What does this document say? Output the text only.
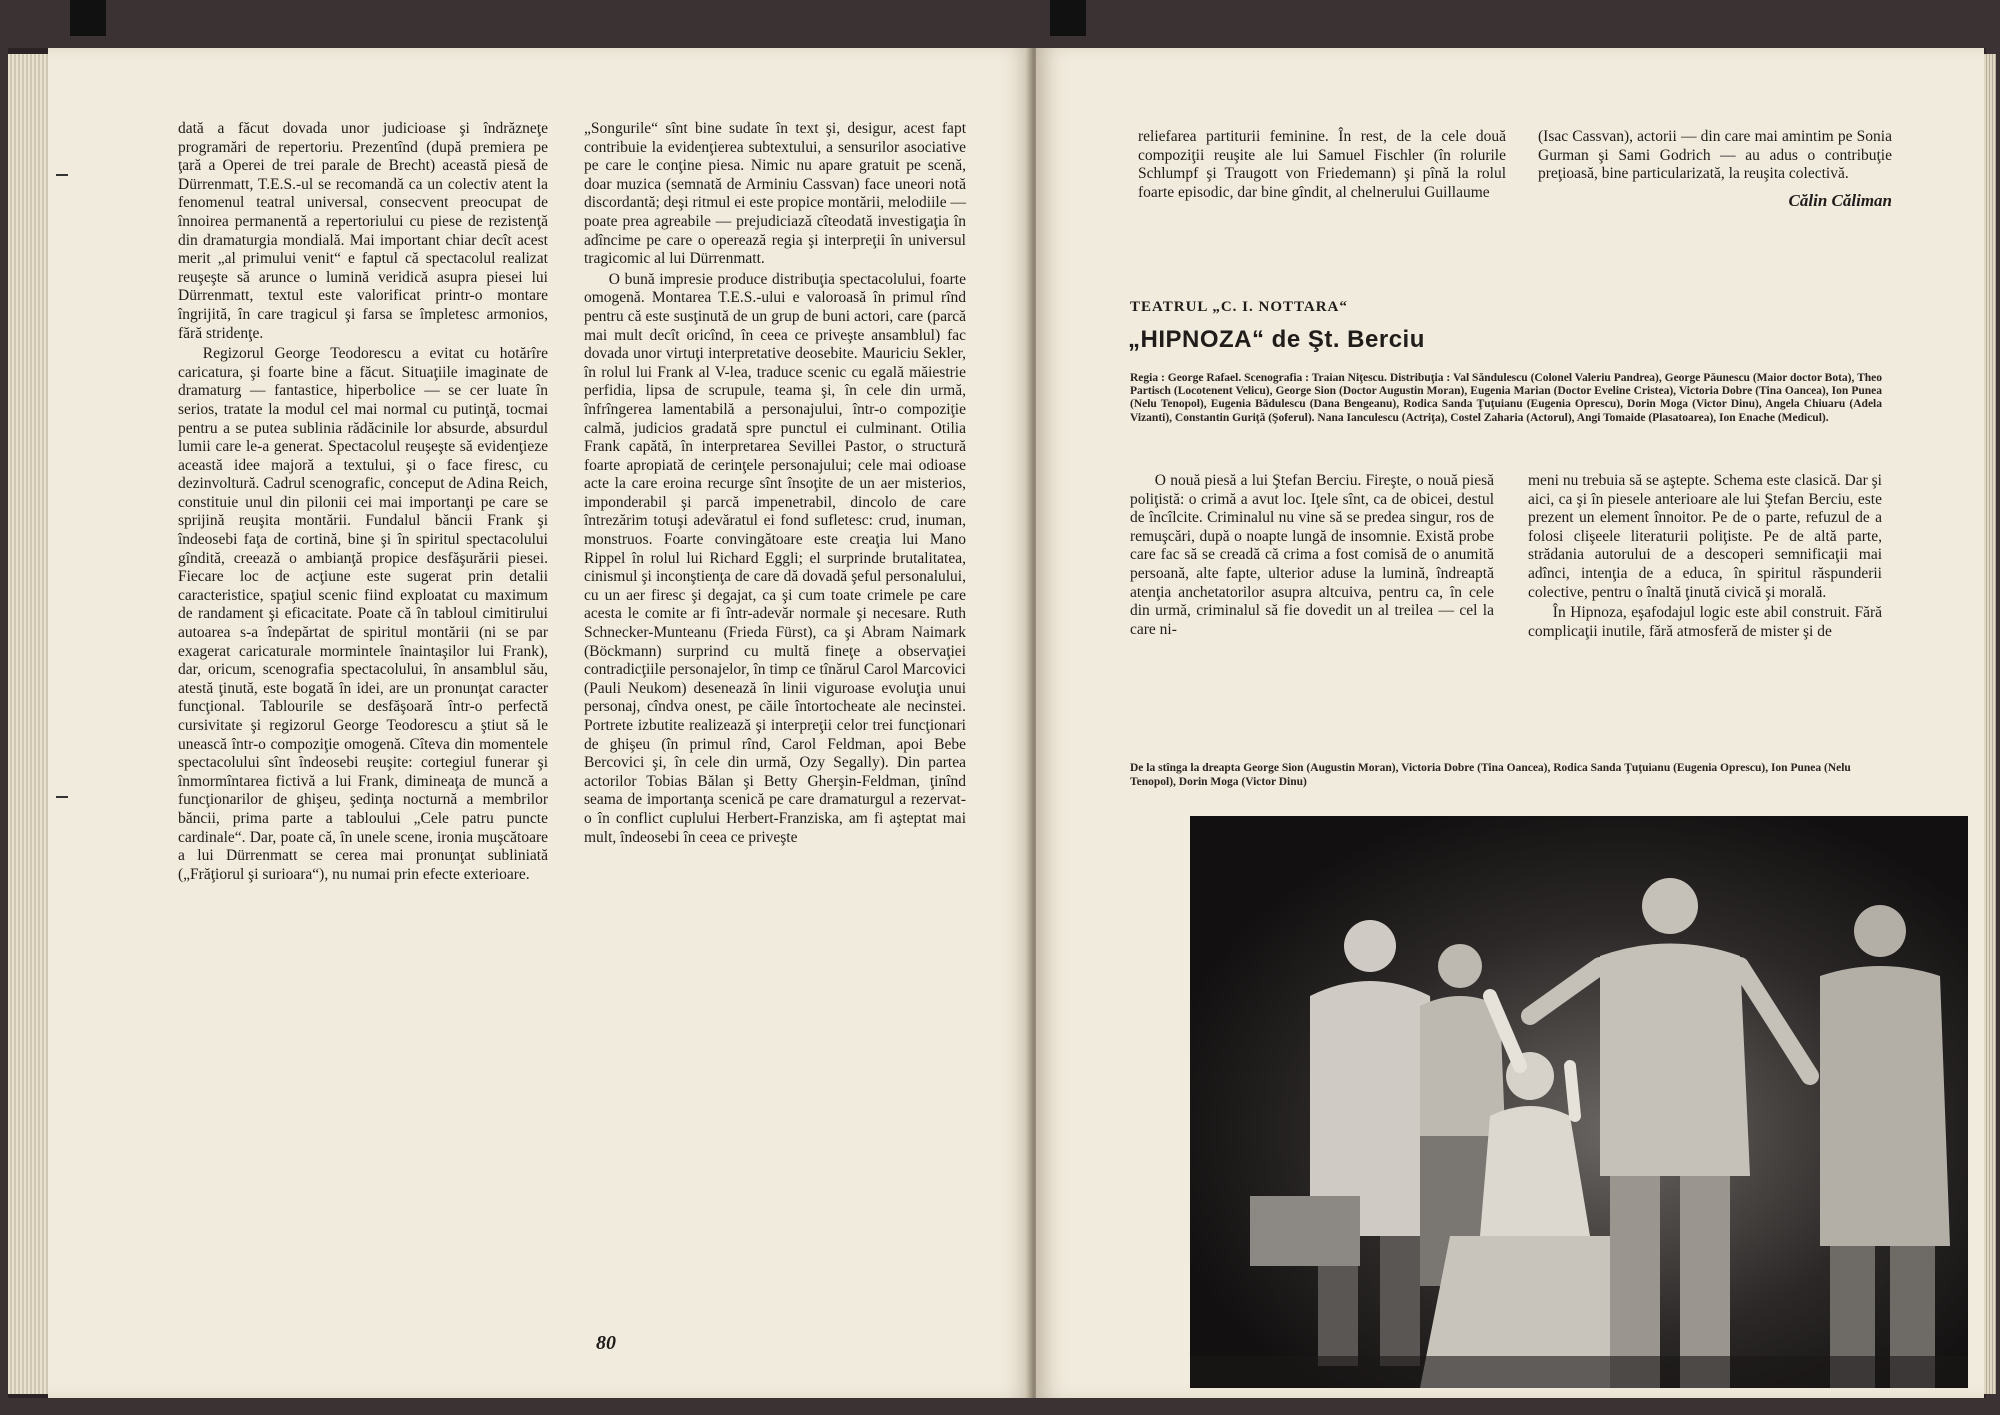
dată a făcut dovada unor judicioase şi îndrăzneţe programări de repertoriu. Prezentînd (după premiera pe ţară a Operei de trei parale de Brecht) această piesă de Dürrenmatt, T.E.S.-ul se recomandă ca un colectiv atent la fenomenul teatral universal, consecvent preocupat de înnoirea permanentă a repertoriului cu piese de rezistenţă din dramaturgia mondială. Mai important chiar decît acest merit „al primului venit“ e faptul că spectacolul realizat reuşeşte să arunce o lumină veridică asupra piesei lui Dürrenmatt, textul este valorificat printr-o montare îngrijită, în care tragicul şi farsa se împletesc armonios, fără stridenţe.

Regizorul George Teodorescu a evitat cu hotărîre caricatura, şi foarte bine a făcut. Situaţiile imaginate de dramaturg — fantastice, hiperbolice — se cer luate în serios, tratate la modul cel mai normal cu putinţă, tocmai pentru a se putea sublinia rădăcinile lor absurde, absurdul lumii care le-a generat. Spectacolul reuşeşte să evidenţieze această idee majoră a textului, şi o face firesc, cu dezinvoltură. Cadrul scenografic, conceput de Adina Reich, constituie unul din pilonii cei mai importanţi pe care se sprijină reuşita montării. Fundalul băncii Frank şi îndeosebi faţa de cortină, bine şi în spiritul spectacolului gîndită, creează o ambianţă propice desfăşurării piesei. Fiecare loc de acţiune este sugerat prin detalii caracteristice, spaţiul scenic fiind exploatat cu maximum de randament şi eficacitate. Poate că în tabloul cimitirului autoarea s-a îndepărtat de spiritul montării (ni se par exagerat caricaturale mormintele înaintaşilor lui Frank), dar, oricum, scenografia spectacolului, în ansamblul său, atestă ţinută, este bogată în idei, are un pronunţat caracter funcţional. Tablourile se desfăşoară într-o perfectă cursivitate şi regizorul George Teodorescu a ştiut să le unească într-o compoziţie omogenă. Cîteva din momentele spectacolului sînt îndeosebi reuşite: cortegiul funerar şi înmormîntarea fictivă a lui Frank, dimineaţa de muncă a funcţionarilor de ghişeu, şedinţa nocturnă a membrilor băncii, prima parte a tabloului „Cele patru puncte cardinale“. Dar, poate că, în unele scene, ironia muşcătoare a lui Dürrenmatt se cerea mai pronunţat subliniată („Frăţiorul şi surioara“), nu numai prin efecte exterioare.

„Songurile“ sînt bine sudate în text şi, desigur, acest fapt contribuie la evidenţierea subtextului, a sensurilor asociative pe care le conţine piesa. Nimic nu apare gratuit pe scenă, doar muzica (semnată de Arminiu Cassvan) face uneori notă discordantă; deşi ritmul ei este propice montării, melodiile — poate prea agreabile — prejudiciază cîteodată investigaţia în adîncime pe care o operează regia şi interpreţii în universul tragicomic al lui Dürrenmatt.

O bună impresie produce distribuţia spectacolului, foarte omogenă. Montarea T.E.S.-ului e valoroasă în primul rînd pentru că este susţinută de un grup de buni actori, care (parcă mai mult decît oricînd, în ceea ce priveşte ansamblul) fac dovada unor virtuţi interpretative deosebite. Mauriciu Sekler, în rolul lui Frank al V-lea, traduce scenic cu egală măiestrie perfidia, lipsa de scrupule, teama şi, în cele din urmă, înfrîngerea lamentabilă a personajului, într-o compoziţie calmă, judicios gradată spre punctul ei culminant. Otilia Frank capătă, în interpretarea Sevillei Pastor, o structură foarte apropiată de cerinţele personajului; cele mai odioase acte la care eroina recurge sînt însoţite de un aer misterios, imponderabil şi parcă impenetrabil, dincolo de care întrezărim totuşi adevăratul ei fond sufletesc: crud, inuman, monstruos. Foarte convingătoare este creaţia lui Mano Rippel în rolul lui Richard Eggli; el surprinde brutalitatea, cinismul şi inconştienţa de care dă dovadă şeful personalului, cu un aer firesc şi degajat, ca şi cum toate crimele pe care acesta le comite ar fi într-adevăr normale şi necesare. Ruth Schnecker-Munteanu (Frieda Fürst), ca şi Abram Naimark (Böckmann) surprind cu multă fineţe a observaţiei contradicţiile personajelor, în timp ce tînărul Carol Marcovici (Pauli Neukom) desenează în linii viguroase evoluţia unui personaj, cîndva onest, pe căile întortocheate ale necinstei. Portrete izbutite realizează şi interpreţii celor trei funcţionari de ghişeu (în primul rînd, Carol Feldman, apoi Bebe Bercovici şi, în cele din urmă, Ozy Segally). Din partea actorilor Tobias Bălan şi Betty Gherşin-Feldman, ţinînd seama de importanţa scenică pe care dramaturgul a rezervat-o în conflict cuplului Herbert-Franziska, am fi aşteptat mai mult, îndeosebi în ceea ce priveşte

80

reliefarea partiturii feminine. În rest, de la cele două compoziţii reuşite ale lui Samuel Fischler (în rolurile Schlumpf şi Traugott von Friedemann) şi pînă la rolul foarte episodic, dar bine gîndit, al chelnerului Guillaume

(Isac Cassvan), actorii — din care mai amintim pe Sonia Gurman şi Sami Godrich — au adus o contribuţie preţioasă, bine particularizată, la reuşita colectivă.

Călin Căliman
TEATRUL „C. I. NOTTARA“
„HIPNOZA“ de Şt. Berciu
Regia : George Rafael. Scenografia : Traian Niţescu. Distribuţia : Val Săndulescu (Colonel Valeriu Pandrea), George Păunescu (Maior doctor Bota), Theo Partisch (Locotenent Velicu), George Sion (Doctor Augustin Moran), Eugenia Marian (Doctor Eveline Cristea), Victoria Dobre (Tina Oancea), Ion Punea (Nelu Tenopol), Eugenia Bădulescu (Dana Bengeanu), Rodica Sanda Ţuţuianu (Eugenia Oprescu), Dorin Moga (Victor Dinu), Angela Chiuaru (Adela Vizanti), Constantin Guriţă (Şoferul). Nana Ianculescu (Actriţa), Costel Zaharia (Actorul), Angi Tomaide (Plasatoarea), Ion Enache (Medicul).

O nouă piesă a lui Ştefan Berciu. Fireşte, o nouă piesă poliţistă: o crimă a avut loc. Iţele sînt, ca de obicei, destul de încîlcite. Criminalul nu vine să se predea singur, ros de remuşcări, după o noapte lungă de insomnie. Există probe care fac să se creadă că crima a fost comisă de o anumită persoană, alte fapte, ulterior aduse la lumină, îndreaptă atenţia anchetatorilor asupra altcuiva, pentru ca, în cele din urmă, criminalul să fie dovedit un al treilea — cel la care ni-

meni nu trebuia să se aştepte. Schema este clasică. Dar şi aici, ca şi în piesele anterioare ale lui Ştefan Berciu, este prezent un element înnoitor. Pe de o parte, refuzul de a folosi clişeele literaturii poliţiste. Pe de altă parte, strădania autorului de a descoperi semnificaţii mai adînci, intenţia de a educa, în spiritul răspunderii colective, pentru o înaltă ţinută civică şi morală.

În Hipnoza, eşafodajul logic este abil construit. Fără complicaţii inutile, fără atmosferă de mister şi de

De la stînga la dreapta George Sion (Augustin Moran), Victoria Dobre (Tina Oancea), Rodica Sanda Ţuţuianu (Eugenia Oprescu), Ion Punea (Nelu Tenopol), Dorin Moga (Victor Dinu)
